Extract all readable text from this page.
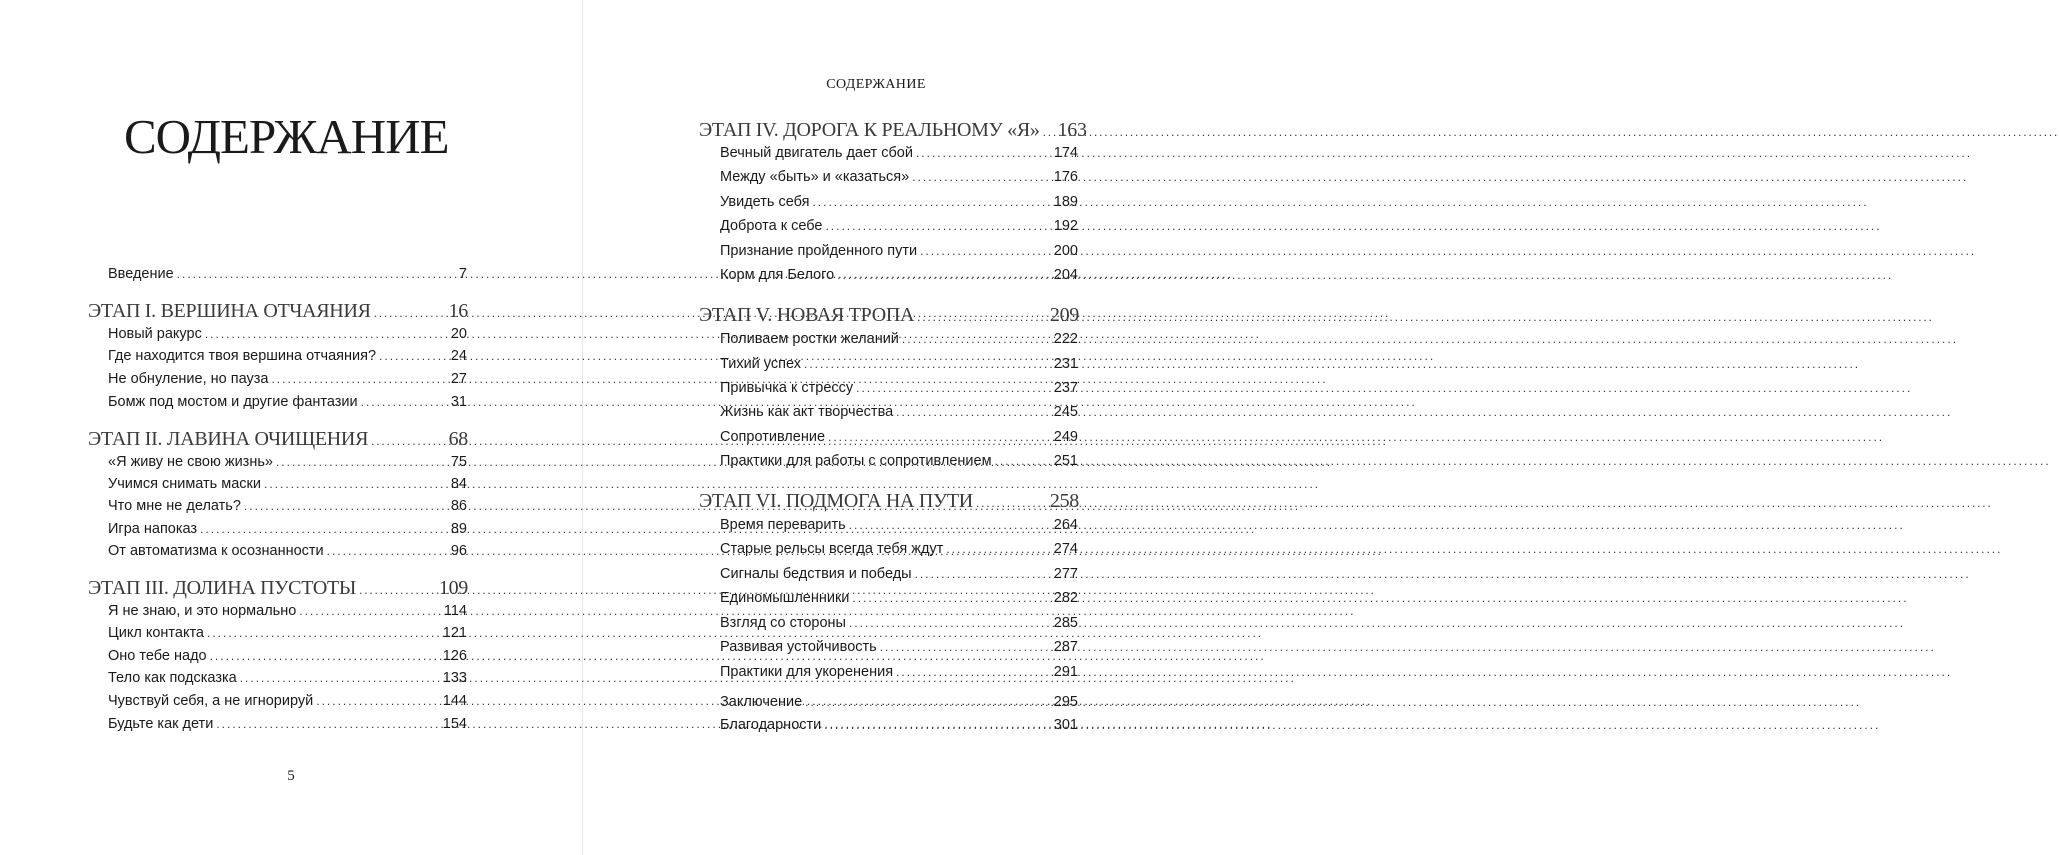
СОДЕРЖАНИЕ
Введение .....	7
ЭТАП I. ВЕРШИНА ОТЧАЯНИЯ .....	16
Новый ракурс .....	20
Где находится твоя вершина отчаяния? .....	24
Не обнуление, но пауза .....	27
Бомж под мостом и другие фантазии .....	31
ЭТАП II. ЛАВИНА ОЧИЩЕНИЯ .....	68
«Я живу не свою жизнь» .....	75
Учимся снимать маски .....	84
Что мне не делать? .....	86
Игра напоказ .....	89
От автоматизма к осознанности .....	96
ЭТАП III. ДОЛИНА ПУСТОТЫ .....	109
Я не знаю, и это нормально .....	114
Цикл контакта .....	121
Оно тебе надо .....	126
Тело как подсказка .....	133
Чувствуй себя, а не игнорируй .....	144
Будьте как дети .....	154
5
СОДЕРЖАНИЕ
ЭТАП IV. ДОРОГА К РЕАЛЬНОМУ «Я» ..... 163
Вечный двигатель дает сбой .....	174
Между «быть» и «казаться» .....	176
Увидеть себя .....	189
Доброта к себе .....	192
Признание пройденного пути .....	200
Корм для Белого .....	204
ЭТАП V. НОВАЯ ТРОПА .....	209
Поливаем ростки желаний .....	222
Тихий успех .....	231
Привычка к стрессу .....	237
Жизнь как акт творчества .....	245
Сопротивление .....	249
Практики для работы с сопротивлением .....	251
ЭТАП VI. ПОДМОГА НА ПУТИ .....	258
Время переварить .....	264
Старые рельсы всегда тебя ждут .....	274
Сигналы бедствия и победы .....	277
Единомышленники .....	282
Взгляд со стороны .....	285
Развивая устойчивость .....	287
Практики для укоренения .....	291
Заключение .....	295
Благодарности .....	301
